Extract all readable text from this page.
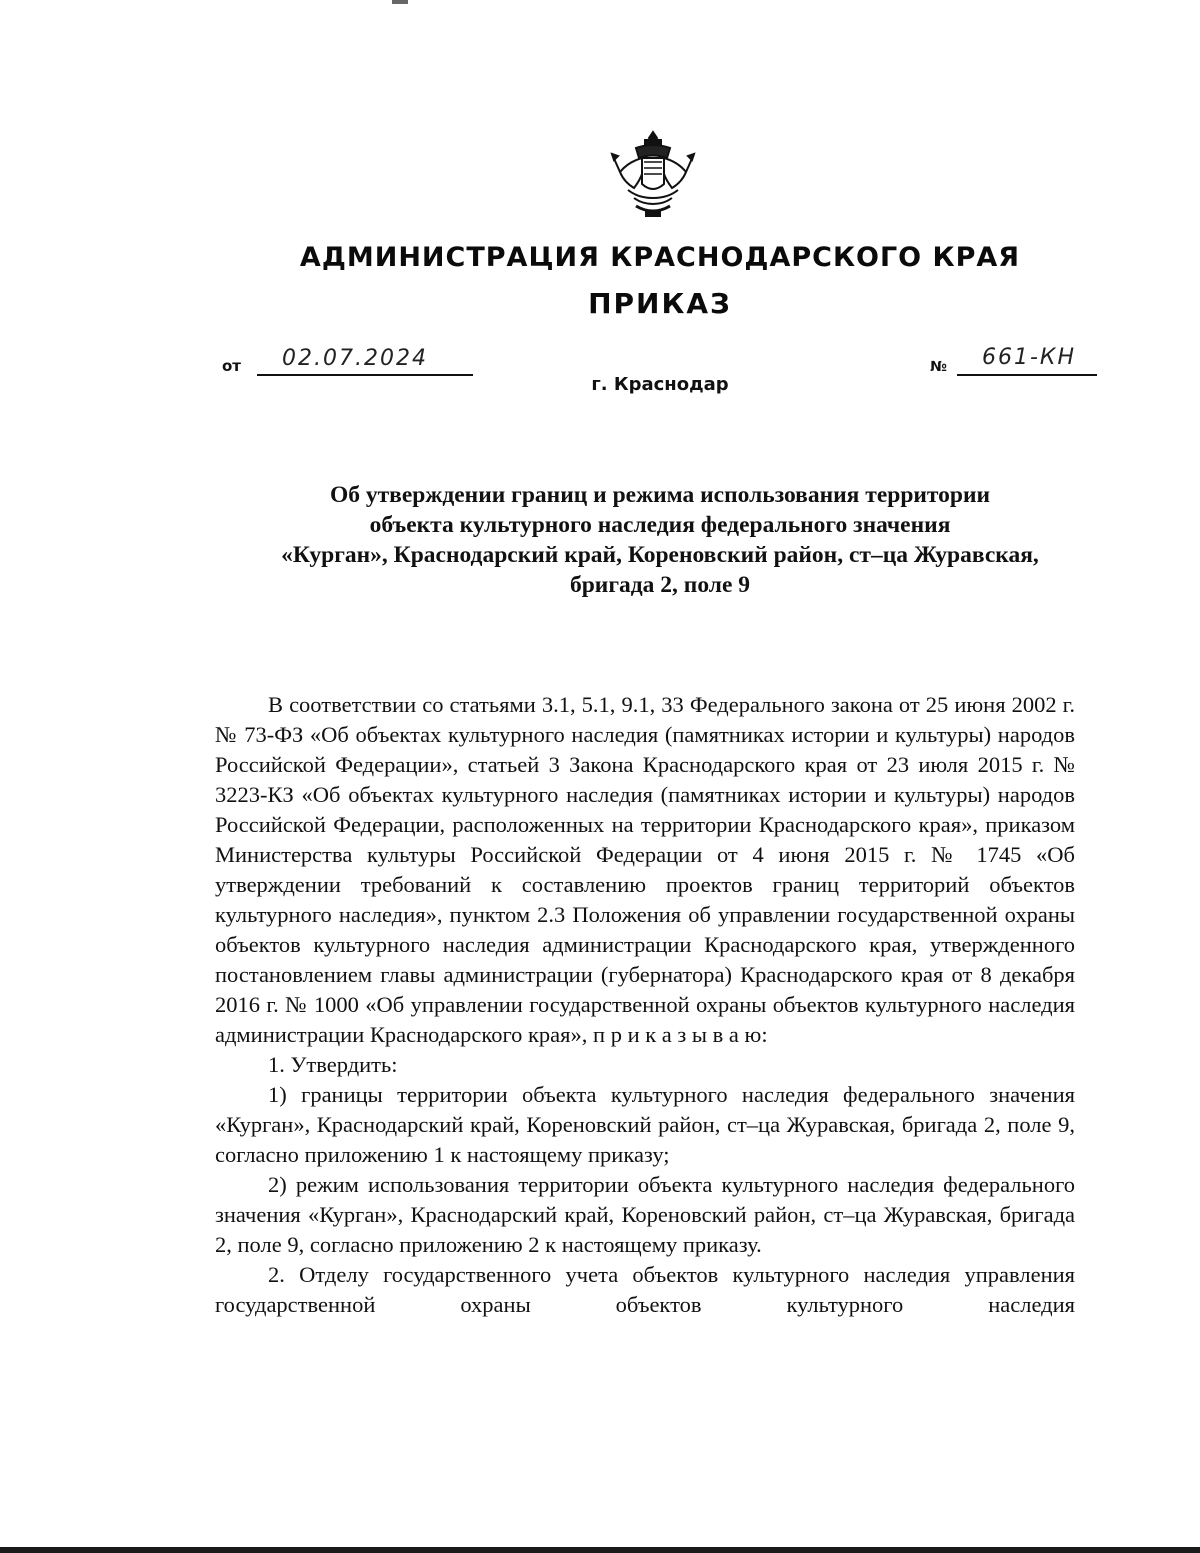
АДМИНИСТРАЦИЯ КРАСНОДАРСКОГО КРАЯ
ПРИКАЗ
от 02.07.2024	№ 661-КН
г. Краснодар
Об утверждении границ и режима использования территории
объекта культурного наследия федерального значения
«Курган», Краснодарский край, Кореновский район, ст–ца Журавская,
бригада 2, поле 9

В соответствии со статьями 3.1, 5.1, 9.1, 33 Федерального закона от 25 июня 2002 г. № 73-ФЗ «Об объектах культурного наследия (памятниках истории и культуры) народов Российской Федерации», статьей 3 Закона Краснодарского края от 23 июля 2015 г. № 3223-КЗ «Об объектах культурного наследия (памятниках истории и культуры) народов Российской Федерации, расположенных на территории Краснодарского края», приказом Министерства культуры Российской Федерации от 4 июня 2015 г. № 1745 «Об утверждении требований к составлению проектов границ территорий объектов культурного наследия», пунктом 2.3 Положения об управлении государственной охраны объектов культурного наследия администрации Краснодарского края, утвержденного постановлением главы администрации (губернатора) Краснодарского края от 8 декабря 2016 г. № 1000 «Об управлении государственной охраны объектов культурного наследия администрации Краснодарского края», п р и к а з ы в а ю:

1. Утвердить:

1) границы территории объекта культурного наследия федерального значения «Курган», Краснодарский край, Кореновский район, ст–ца Журавская, бригада 2, поле 9, согласно приложению 1 к настоящему приказу;

2) режим использования территории объекта культурного наследия федерального значения «Курган», Краснодарский край, Кореновский район, ст–ца Журавская, бригада 2, поле 9, согласно приложению 2 к настоящему приказу.

2. Отделу государственного учета объектов культурного наследия управления государственной охраны объектов культурного наследия
